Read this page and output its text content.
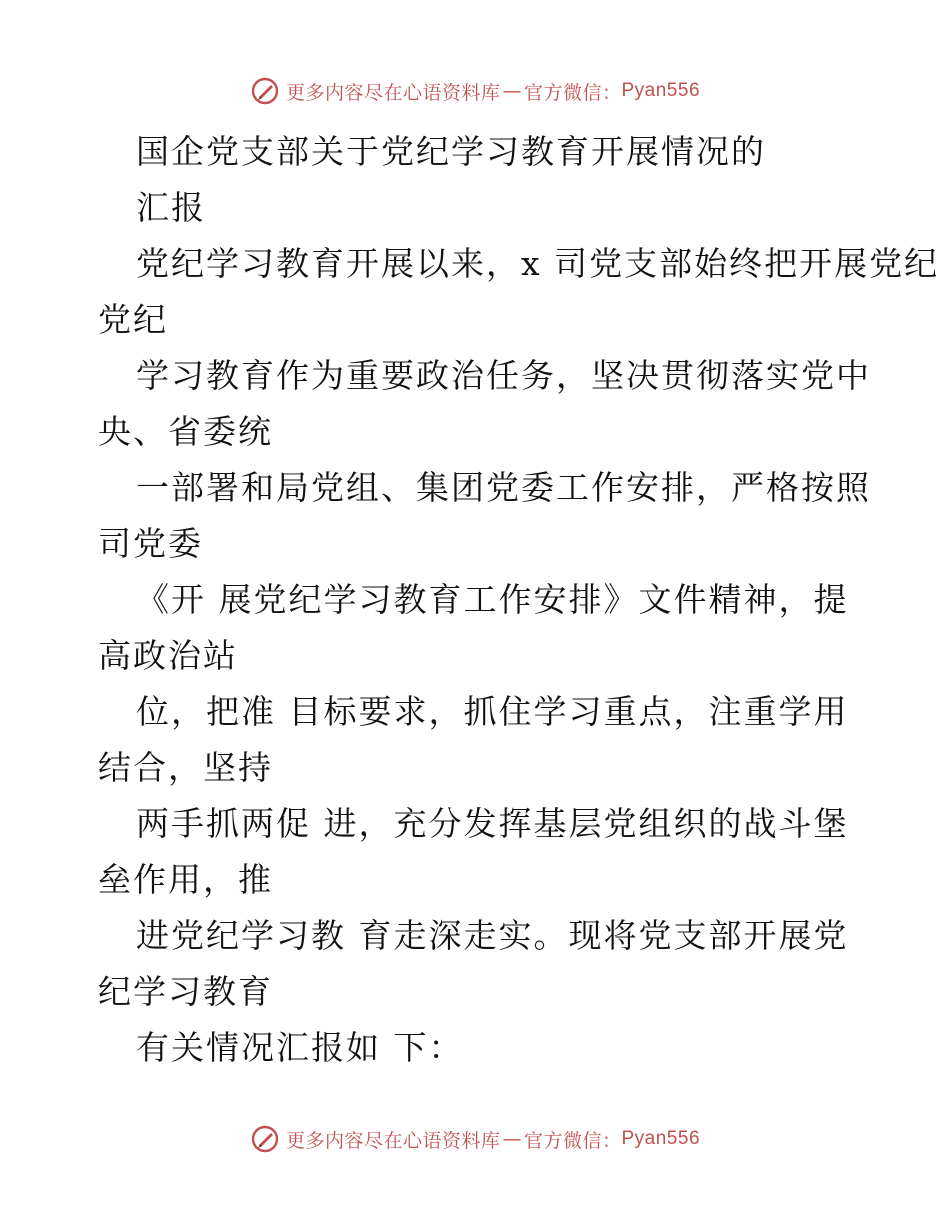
更多内容尽在心语资料库 — 官方微信： Pyan556
国企党支部关于党纪学习教育开展情况的
汇报
党纪学习教育开展以来，x 司党支部始终把开展党纪
党纪
学习教育作为重要政治任务，坚决贯彻落实党中
央、省委统
一部署和局党组、集团党委工作安排，严格按照
司党委
《开 展党纪学习教育工作安排》文件精神，提
高政治站
位，把准 目标要求，抓住学习重点，注重学用
结合，坚持
两手抓两促 进，充分发挥基层党组织的战斗堡
垒作用，推
进党纪学习教 育走深走实。现将党支部开展党
纪学习教育
有关情况汇报如 下：
更多内容尽在心语资料库 — 官方微信： Pyan556
